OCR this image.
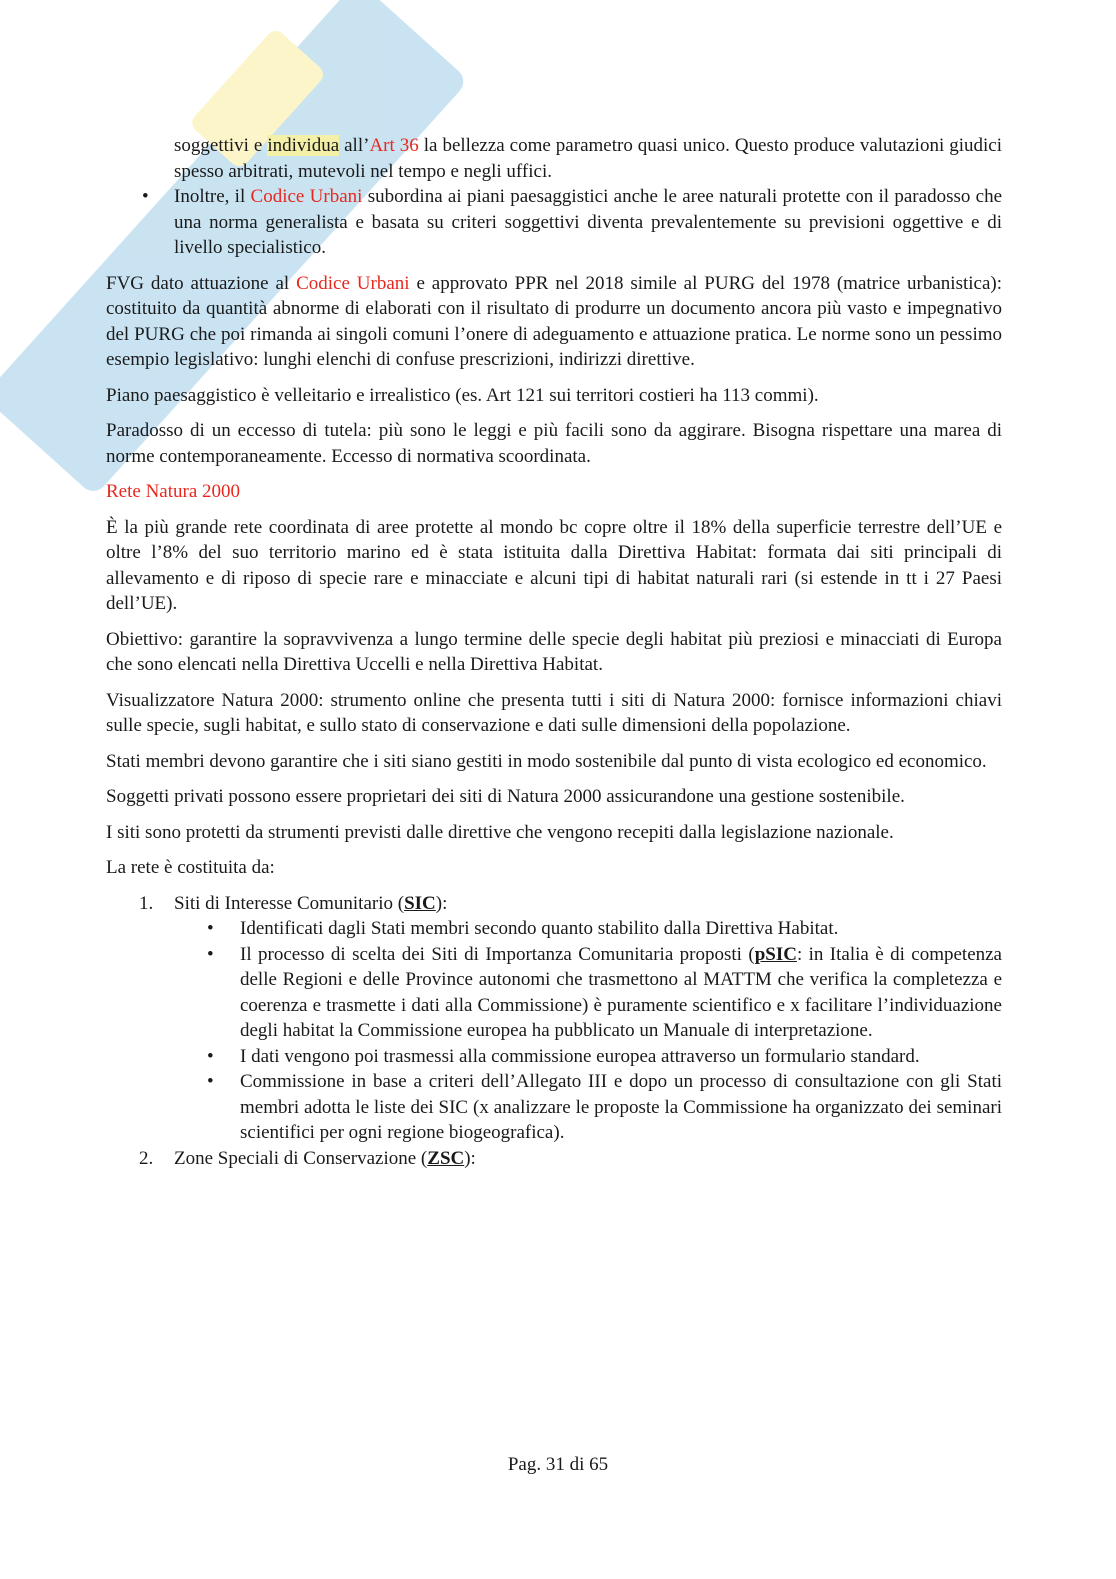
soggettivi e individua all’Art 36 la bellezza come parametro quasi unico. Questo produce valutazioni giudici spesso arbitrati, mutevoli nel tempo e negli uffici.
• Inoltre, il Codice Urbani subordina ai piani paesaggistici anche le aree naturali protette con il paradosso che una norma generalista e basata su criteri soggettivi diventa prevalentemente su previsioni oggettive e di livello specialistico.

FVG dato attuazione al Codice Urbani e approvato PPR nel 2018 simile al PURG del 1978 (matrice urbanistica): costituito da quantità abnorme di elaborati con il risultato di produrre un documento ancora più vasto e impegnativo del PURG che poi rimanda ai singoli comuni l’onere di adeguamento e attuazione pratica. Le norme sono un pessimo esempio legislativo: lunghi elenchi di confuse prescrizioni, indirizzi direttive.

Piano paesaggistico è velleitario e irrealistico (es. Art 121 sui territori costieri ha 113 commi).

Paradosso di un eccesso di tutela: più sono le leggi e più facili sono da aggirare. Bisogna rispettare una marea di norme contemporaneamente. Eccesso di normativa scoordinata.

Rete Natura 2000

È la più grande rete coordinata di aree protette al mondo bc copre oltre il 18% della superficie terrestre dell’UE e oltre l’8% del suo territorio marino ed è stata istituita dalla Direttiva Habitat: formata dai siti principali di allevamento e di riposo di specie rare e minacciate e alcuni tipi di habitat naturali rari (si estende in tt i 27 Paesi dell’UE).

Obiettivo: garantire la sopravvivenza a lungo termine delle specie degli habitat più preziosi e minacciati di Europa che sono elencati nella Direttiva Uccelli e nella Direttiva Habitat.

Visualizzatore Natura 2000: strumento online che presenta tutti i siti di Natura 2000: fornisce informazioni chiavi sulle specie, sugli habitat, e sullo stato di conservazione e dati sulle dimensioni della popolazione.

Stati membri devono garantire che i siti siano gestiti in modo sostenibile dal punto di vista ecologico ed economico.

Soggetti privati possono essere proprietari dei siti di Natura 2000 assicurandone una gestione sostenibile.

I siti sono protetti da strumenti previsti dalle direttive che vengono recepiti dalla legislazione nazionale.

La rete è costituita da:

1. Siti di Interesse Comunitario (SIC):
• Identificati dagli Stati membri secondo quanto stabilito dalla Direttiva Habitat.
• Il processo di scelta dei Siti di Importanza Comunitaria proposti (pSIC: in Italia è di competenza delle Regioni e delle Province autonomi che trasmettono al MATTM che verifica la completezza e coerenza e trasmette i dati alla Commissione) è puramente scientifico e x facilitare l’individuazione degli habitat la Commissione europea ha pubblicato un Manuale di interpretazione.
• I dati vengono poi trasmessi alla commissione europea attraverso un formulario standard.
• Commissione in base a criteri dell’Allegato III e dopo un processo di consultazione con gli Stati membri adotta le liste dei SIC (x analizzare le proposte la Commissione ha organizzato dei seminari scientifici per ogni regione biogeografica).
2. Zone Speciali di Conservazione (ZSC):
Pag. 31 di 65
